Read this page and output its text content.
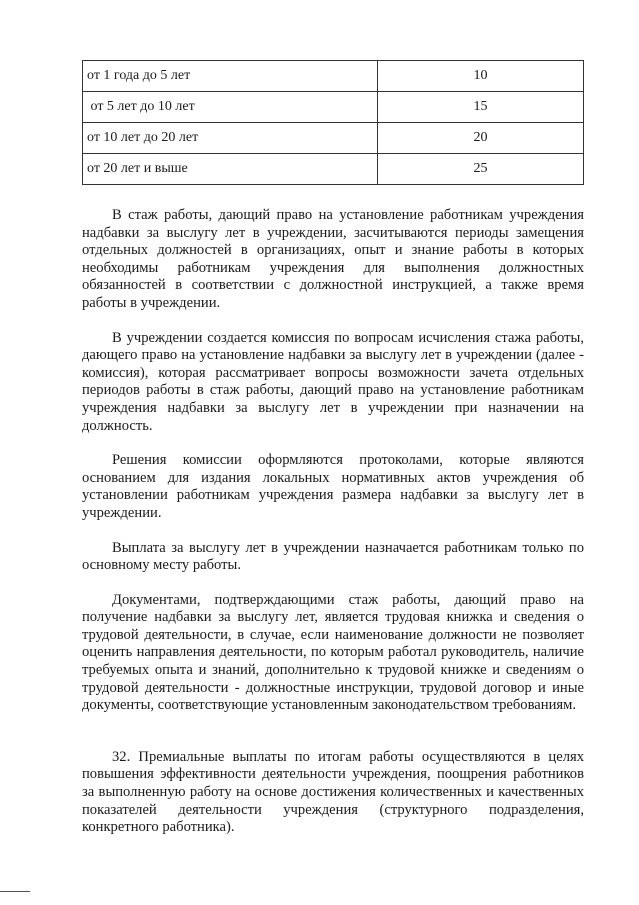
от 1 года до 5 лет	10
от 5 лет до 10 лет	15
от 10 лет до 20 лет	20
от 20 лет и выше	25

В стаж работы, дающий право на установление работникам учреждения надбавки за выслугу лет в учреждении, засчитываются периоды замещения отдельных должностей в организациях, опыт и знание работы в которых необходимы работникам учреждения для выполнения должностных обязанностей в соответствии с должностной инструкцией, а также время работы в учреждении.

В учреждении создается комиссия по вопросам исчисления стажа работы, дающего право на установление надбавки за выслугу лет в учреждении (далее - комиссия), которая рассматривает вопросы возможности зачета отдельных периодов работы в стаж работы, дающий право на установление работникам учреждения надбавки за выслугу лет в учреждении при назначении на должность.

Решения комиссии оформляются протоколами, которые являются основанием для издания локальных нормативных актов учреждения об установлении работникам учреждения размера надбавки за выслугу лет в учреждении.

Выплата за выслугу лет в учреждении назначается работникам только по основному месту работы.

Документами, подтверждающими стаж работы, дающий право на получение надбавки за выслугу лет, является трудовая книжка и сведения о трудовой деятельности, в случае, если наименование должности не позволяет оценить направления деятельности, по которым работал руководитель, наличие требуемых опыта и знаний, дополнительно к трудовой книжке и сведениям о трудовой деятельности - должностные инструкции, трудовой договор и иные документы, соответствующие установленным законодательством требованиям.

32. Премиальные выплаты по итогам работы осуществляются в целях повышения эффективности деятельности учреждения, поощрения работников за выполненную работу на основе достижения количественных и качественных показателей деятельности учреждения (структурного подразделения, конкретного работника).
